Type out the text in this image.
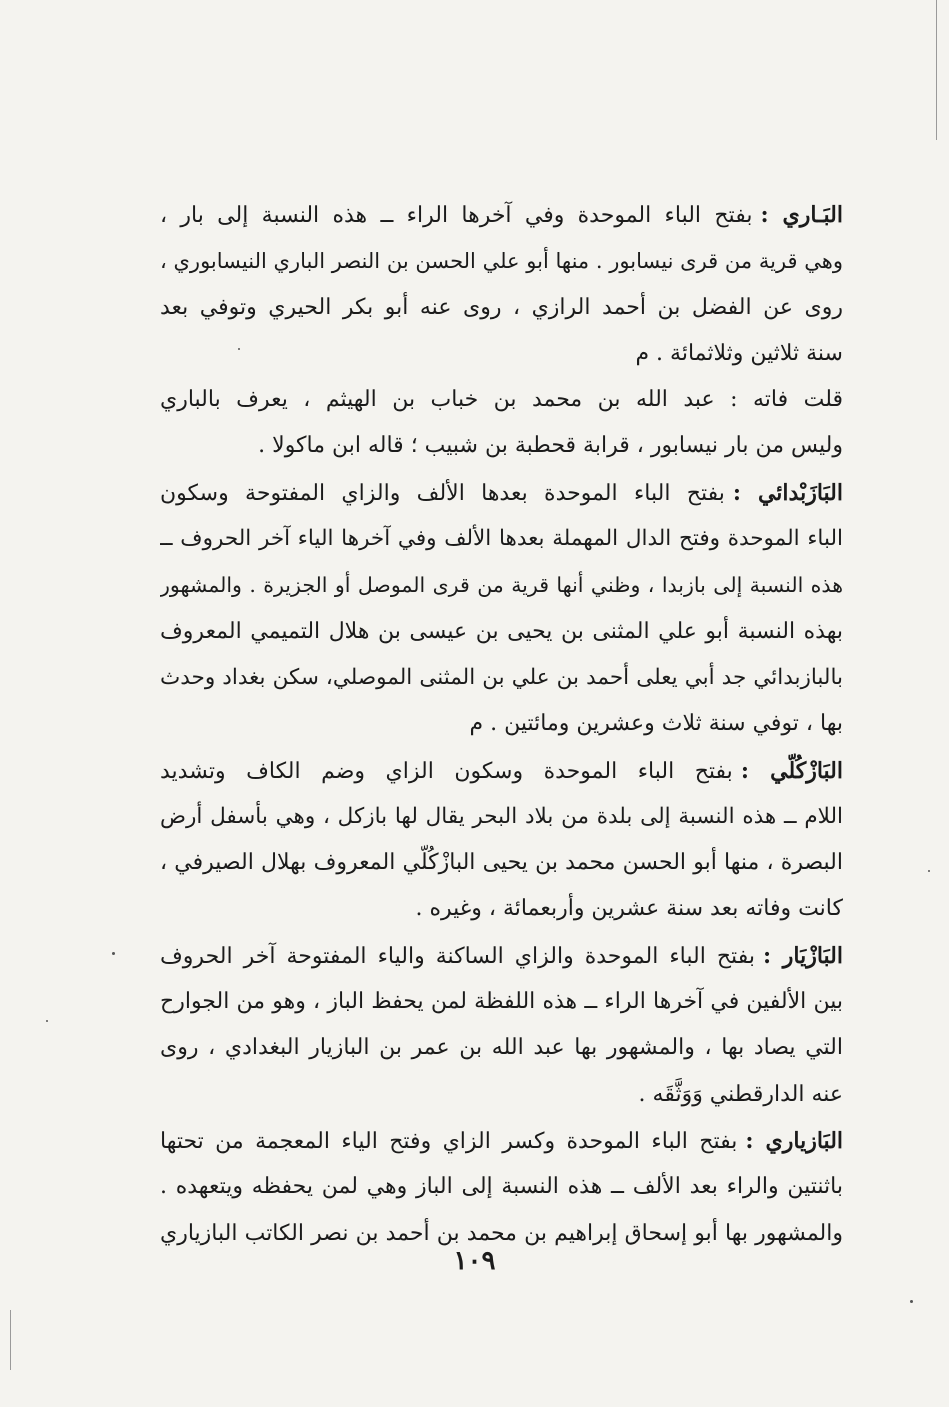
البَـاري :بفتح الباء الموحدة وفي آخرها الراء ــ هذه النسبة إلى بار ،
وهي قرية من قرى نيسابور . منها أبو علي الحسن بن النصر الباري النيسابوري ،
روى عن الفضل بن أحمد الرازي ، روى عنه أبو بكر الحيري وتوفي بعد
سنة ثلاثين وثلاثمائة . م
قلت فاته : عبد الله بن محمد بن خباب بن الهيثم ، يعرف بالباري
وليس من بار نيسابور ، قرابة قحطبة بن شبيب ؛ قاله ابن ماكولا .
البَازَبْدائي :بفتح الباء الموحدة بعدها الألف والزاي المفتوحة وسكون
الباء الموحدة وفتح الدال المهملة بعدها الألف وفي آخرها الياء آخر الحروف ــ
هذه النسبة إلى بازبدا ، وظني أنها قرية من قرى الموصل أو الجزيرة . والمشهور
بهذه النسبة أبو علي المثنى بن يحيى بن عيسى بن هلال التميمي المعروف
بالبازبدائي جد أبي يعلى أحمد بن علي بن المثنى الموصلي، سكن بغداد وحدث
بها ، توفي سنة ثلاث وعشرين ومائتين . م
البَازْكُلّي :بفتح الباء الموحدة وسكون الزاي وضم الكاف وتشديد
اللام ــ هذه النسبة إلى بلدة من بلاد البحر يقال لها بازكل ، وهي بأسفل أرض
البصرة ، منها أبو الحسن محمد بن يحيى البازْكُلّي المعروف بهلال الصيرفي ،
كانت وفاته بعد سنة عشرين وأربعمائة ، وغيره .
البَازْيَار :بفتح الباء الموحدة والزاي الساكنة والياء المفتوحة آخر الحروف
بين الألفين في آخرها الراء ــ هذه اللفظة لمن يحفظ الباز ، وهو من الجوارح
التي يصاد بها ، والمشهور بها عبد الله بن عمر بن البازيار البغدادي ، روى
عنه الدارقطني وَوَثَّقَه .
البَازياري :بفتح الباء الموحدة وكسر الزاي وفتح الياء المعجمة من تحتها
باثنتين والراء بعد الألف ــ هذه النسبة إلى الباز وهي لمن يحفظه ويتعهده .
والمشهور بها أبو إسحاق إبراهيم بن محمد بن أحمد بن نصر الكاتب البازياري
١٠٩
